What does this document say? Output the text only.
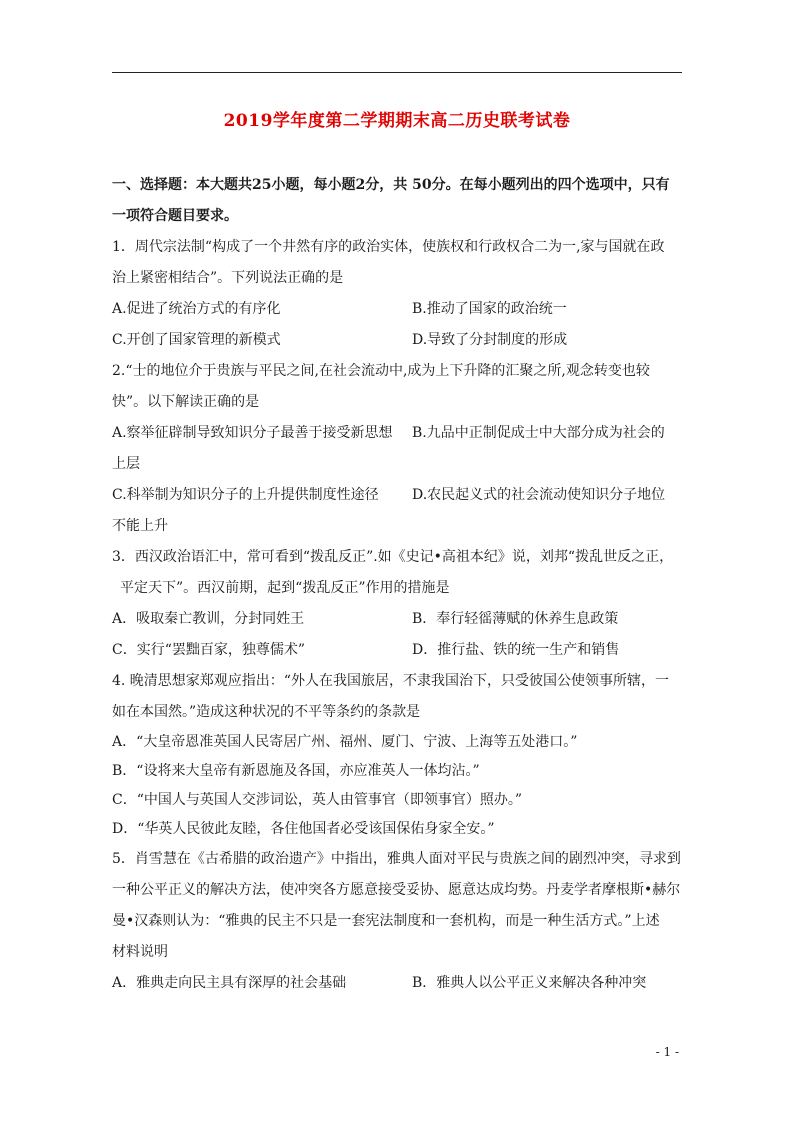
2019学年度第二学期期末高二历史联考试卷
一、选择题：本大题共25小题，每小题2分，共 50分。在每小题列出的四个选项中，只有
一项符合题目要求。
1．周代宗法制“构成了一个井然有序的政治实体，使族权和行政权合二为一,家与国就在政
治上紧密相结合”。下列说法正确的是
A.促进了统治方式的有序化	B.推动了国家的政治统一
C.开创了国家管理的新模式	D.导致了分封制度的形成
2.“士的地位介于贵族与平民之间,在社会流动中,成为上下升降的汇聚之所,观念转变也较
快”。以下解读正确的是
A.察举征辟制导致知识分子最善于接受新思想	B.九品中正制促成士中大部分成为社会的
上层
C.科举制为知识分子的上升提供制度性途径	D.农民起义式的社会流动使知识分子地位
不能上升
3．西汉政治语汇中，常可看到“拨乱反正”.如《史记•高祖本纪》说，刘邦“拨乱世反之正，
平定天下”。西汉前期，起到“拨乱反正”作用的措施是
A．吸取秦亡教训，分封同姓王	B．奉行轻徭薄赋的休养生息政策
C．实行“罢黜百家，独尊儒术”	D．推行盐、铁的统一生产和销售
4. 晚清思想家郑观应指出：“外人在我国旅居，不隶我国治下，只受彼国公使领事所辖，一
如在本国然。”造成这种状况的不平等条约的条款是
A．“大皇帝恩准英国人民寄居广州、福州、厦门、宁波、上海等五处港口。”
B．“设将来大皇帝有新恩施及各国，亦应准英人一体均沾。”
C．“中国人与英国人交涉词讼，英人由管事官（即领事官）照办。”
D．“华英人民彼此友睦，各住他国者必受该国保佑身家全安。”
5．肖雪慧在《古希腊的政治遗产》中指出，雅典人面对平民与贵族之间的剧烈冲突，寻求到
一种公平正义的解决方法，使冲突各方愿意接受妥协、愿意达成均势。丹麦学者摩根斯•赫尔
曼•汉森则认为：“雅典的民主不只是一套宪法制度和一套机构，而是一种生活方式。”上述
材料说明
A．雅典走向民主具有深厚的社会基础	B．雅典人以公平正义来解决各种冲突
- 1 -
